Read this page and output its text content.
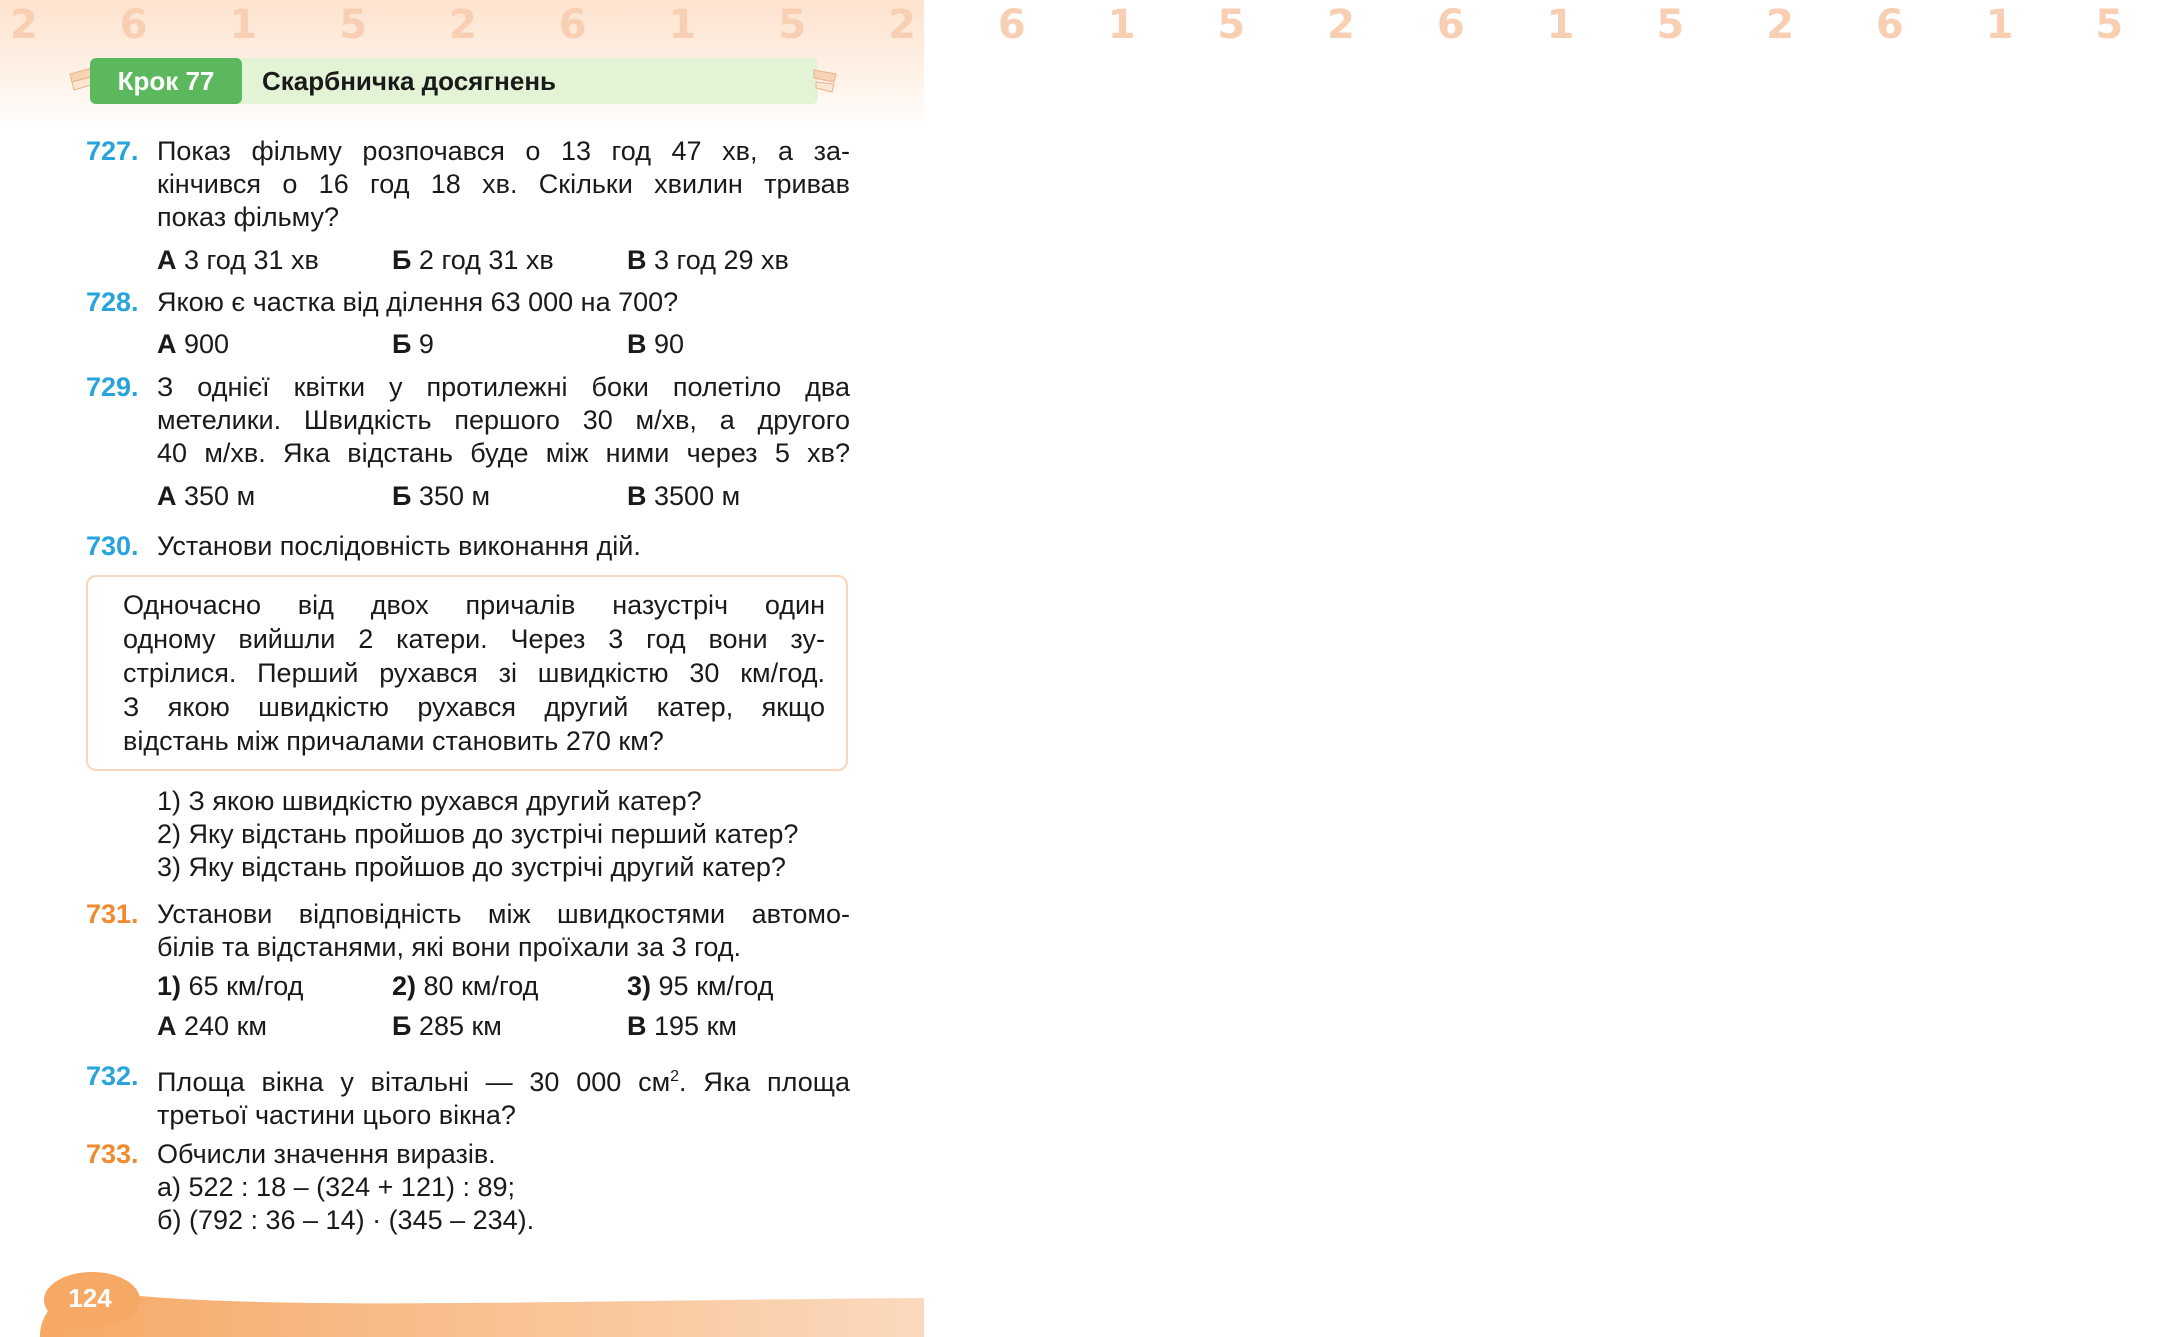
2 6 1 5 2 6 1 5 2 6 1 5 2 6 1 5 2 6 1 5
Крок 77	Скарбничка досягнень
727. Показ фільму розпочався о 13 год 47 хв, а за-
кінчився о 16 год 18 хв. Скільки хвилин тривав
показ фільму?
А 3 год 31 хв	Б 2 год 31 хв	В 3 год 29 хв
728. Якою є частка від ділення 63 000 на 700?
А 900	Б 9	В 90
729. З однієї квітки у протилежні боки полетіло два
метелики. Швидкість першого 30 м/хв, а другого
40 м/хв. Яка відстань буде між ними через 5 хв?
А 350 м	Б 350 м	В 3500 м
730. Установи послідовність виконання дій.
Одночасно від двох причалів назустріч один
одному вийшли 2 катери. Через 3 год вони зу-
стрілися. Перший рухався зі швидкістю 30 км/год.
З якою швидкістю рухався другий катер, якщо
відстань між причалами становить 270 км?
1) З якою швидкістю рухався другий катер?
2) Яку відстань пройшов до зустрічі перший катер?
3) Яку відстань пройшов до зустрічі другий катер?
731. Установи відповідність між швидкостями автомо-
білів та відстанями, які вони проїхали за 3 год.
1) 65 км/год	2) 80 км/год	3) 95 км/год
А 240 км	Б 285 км	В 195 км
732. Площа вікна у вітальні — 30 000 $см^2$. Яка площа
третьої частини цього вікна?
733. Обчисли значення виразів.
а) 522 : 18 – (324 + 121) : 89;
б) (792 : 36 – 14) · (345 – 234).
124
